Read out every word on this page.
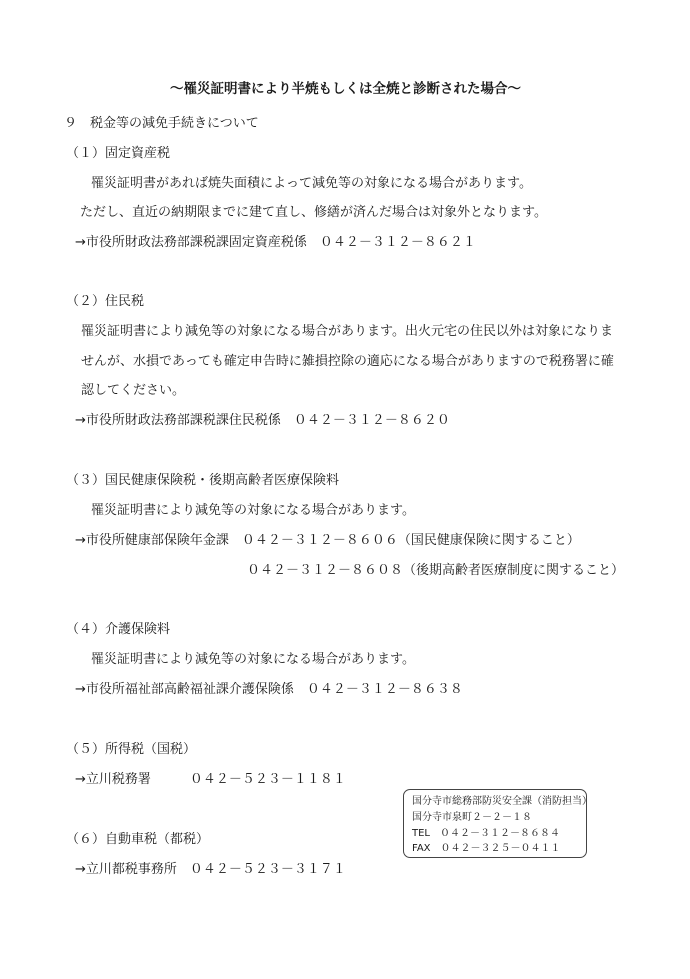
～罹災証明書により半焼もしくは全焼と診断された場合～
９　税金等の減免手続きについて
（１）固定資産税
罹災証明書があれば焼失面積によって減免等の対象になる場合があります。
ただし、直近の納期限までに建て直し、修繕が済んだ場合は対象外となります。
→市役所財政法務部課税課固定資産税係　０４２－３１２－８６２１
（２）住民税
罹災証明書により減免等の対象になる場合があります。出火元宅の住民以外は対象になりま
せんが、水損であっても確定申告時に雑損控除の適応になる場合がありますので税務署に確
認してください。
→市役所財政法務部課税課住民税係　０４２－３１２－８６２０
（３）国民健康保険税・後期高齢者医療保険料
罹災証明書により減免等の対象になる場合があります。
→市役所健康部保険年金課　０４２－３１２－８６０６（国民健康保険に関すること）
０４２－３１２－８６０８（後期高齢者医療制度に関すること）
（４）介護保険料
罹災証明書により減免等の対象になる場合があります。
→市役所福祉部高齢福祉課介護保険係　０４２－３１２－８６３８
（５）所得税（国税）
→立川税務署　　　０４２－５２３－１１８１
（６）自動車税（都税）
→立川都税事務所　０４２－５２３－３１７１
国分寺市総務部防災安全課（消防担当）
国分寺市泉町２－２－１８
TEL　０４２－３１２－８６８４
FAX　０４２－３２５－０４１１
